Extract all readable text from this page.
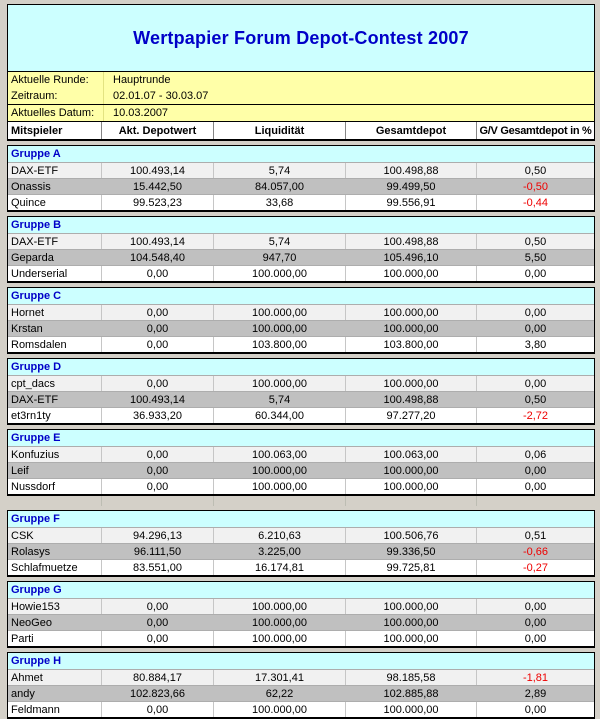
Wertpapier Forum Depot-Contest 2007
Aktuelle Runde:	Hauptrunde
Zeitraum:	02.01.07 - 30.03.07
Aktuelles Datum:	10.03.2007
Mitspieler	Akt. Depotwert	Liquidität	Gesamtdepot	G/V Gesamtdepot in %
Gruppe A
DAX-ETF	100.493,14	5,74	100.498,88	0,50
Onassis	15.442,50	84.057,00	99.499,50	-0,50
Quince	99.523,23	33,68	99.556,91	-0,44
Gruppe B
DAX-ETF	100.493,14	5,74	100.498,88	0,50
Geparda	104.548,40	947,70	105.496,10	5,50
Underserial	0,00	100.000,00	100.000,00	0,00
Gruppe C
Hornet	0,00	100.000,00	100.000,00	0,00
Krstan	0,00	100.000,00	100.000,00	0,00
Romsdalen	0,00	103.800,00	103.800,00	3,80
Gruppe D
cpt_dacs	0,00	100.000,00	100.000,00	0,00
DAX-ETF	100.493,14	5,74	100.498,88	0,50
et3rn1ty	36.933,20	60.344,00	97.277,20	-2,72
Gruppe E
Konfuzius	0,00	100.063,00	100.063,00	0,06
Leif	0,00	100.000,00	100.000,00	0,00
Nussdorf	0,00	100.000,00	100.000,00	0,00
Gruppe F
CSK	94.296,13	6.210,63	100.506,76	0,51
Rolasys	96.111,50	3.225,00	99.336,50	-0,66
Schlafmuetze	83.551,00	16.174,81	99.725,81	-0,27
Gruppe G
Howie153	0,00	100.000,00	100.000,00	0,00
NeoGeo	0,00	100.000,00	100.000,00	0,00
Parti	0,00	100.000,00	100.000,00	0,00
Gruppe H
Ahmet	80.884,17	17.301,41	98.185,58	-1,81
andy	102.823,66	62,22	102.885,88	2,89
Feldmann	0,00	100.000,00	100.000,00	0,00
